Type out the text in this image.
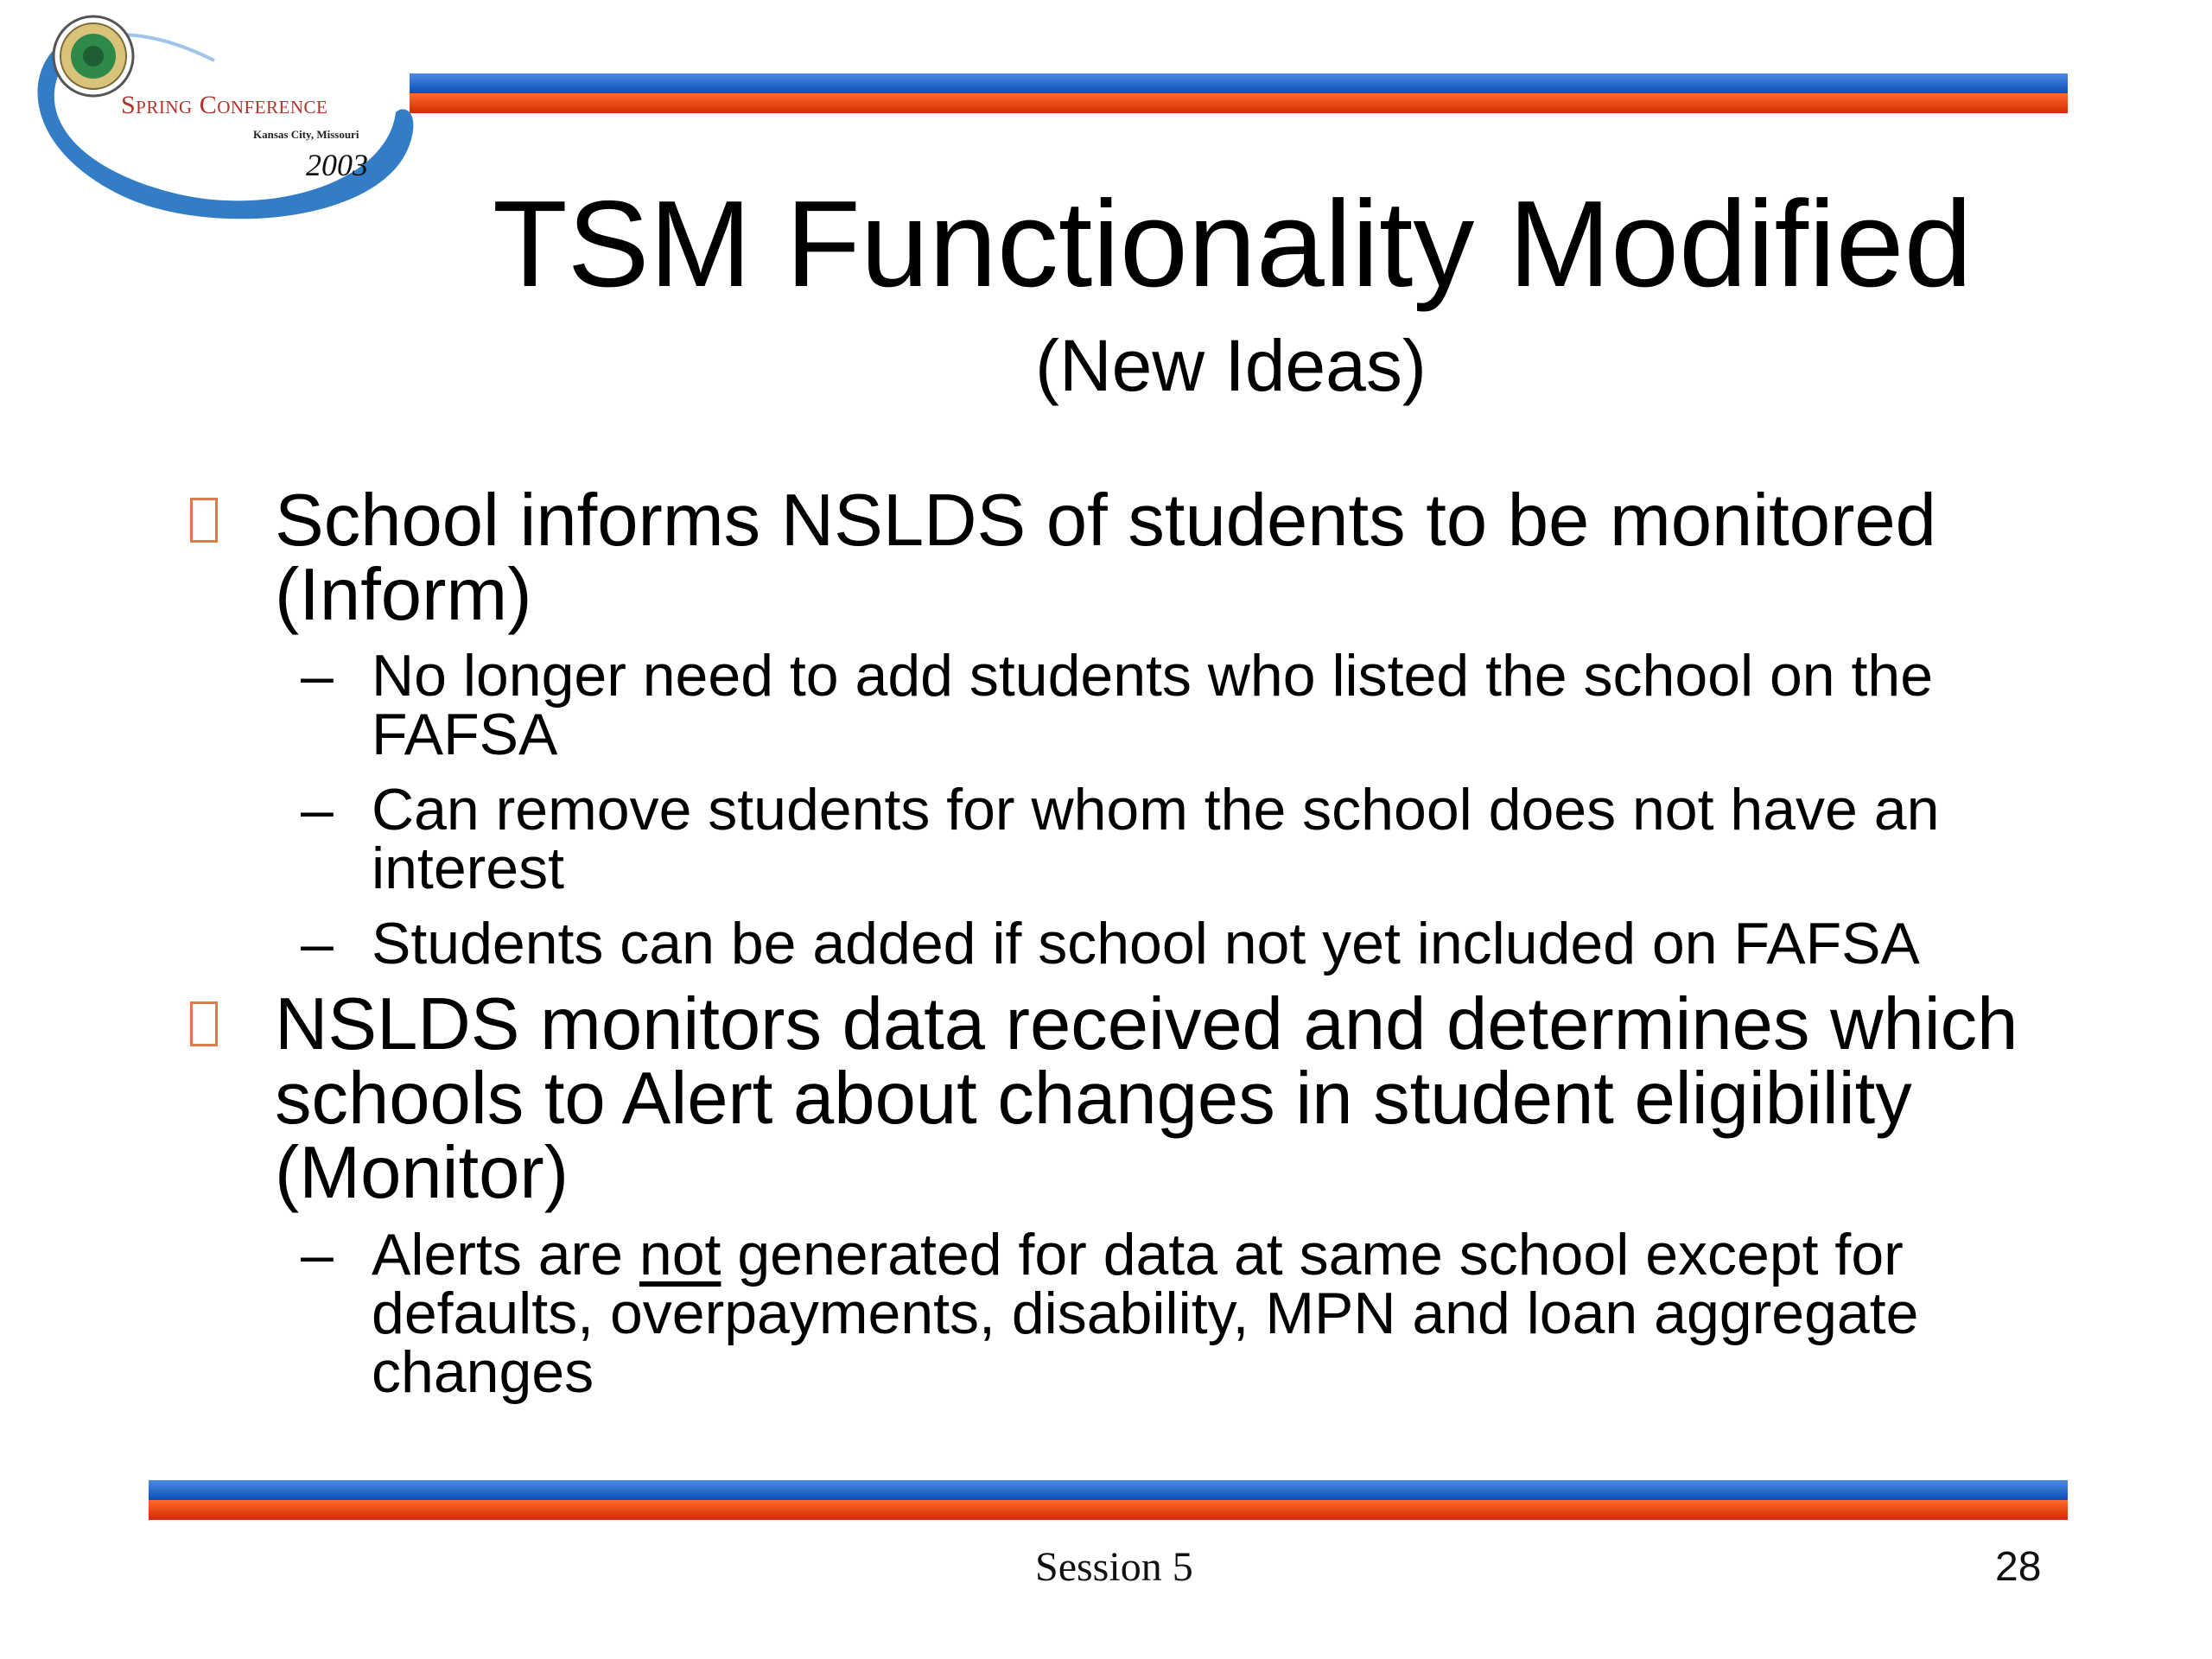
Spring Conference
Kansas City, Missouri
2003
TSM Functionality Modified
(New Ideas)
School informs NSLDS of students to be monitored
(Inform)
– No longer need to add students who listed the school on the
FAFSA
– Can remove students for whom the school does not have an
interest
– Students can be added if school not yet included on FAFSA
NSLDS monitors data received and determines which
schools to Alert about changes in student eligibility
(Monitor)
– Alerts are not generated for data at same school except for
defaults, overpayments, disability, MPN and loan aggregate
changes
Session 5	28
